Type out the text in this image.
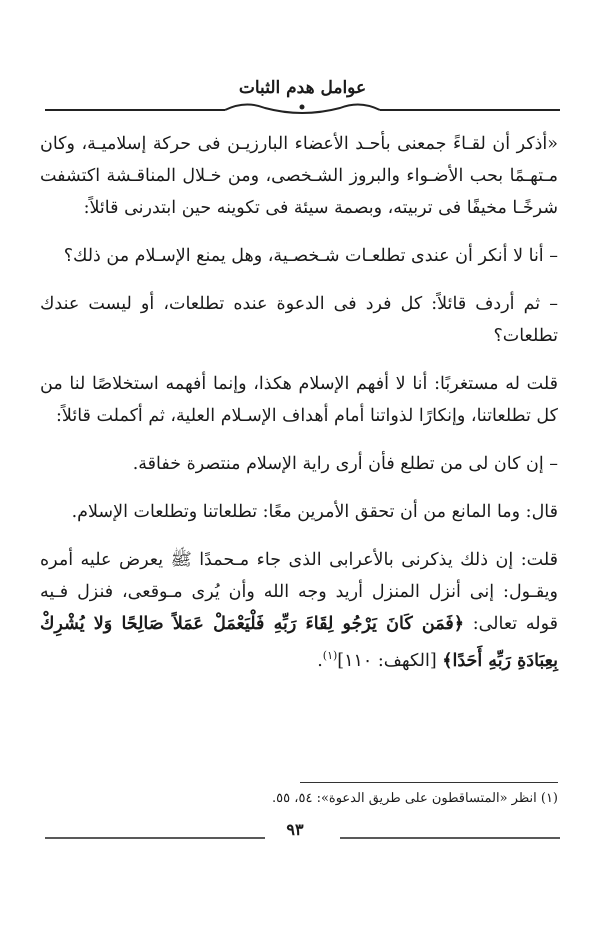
عوامل هدم الثبات

«أذكر أن لقـاءً جمعنى بأحـد الأعضاء البارزيـن فى حركة إسلاميـة، وكان مـتهـمًا بحب الأضـواء والبروز الشـخصى، ومن خـلال المناقـشة اكتشفت شرخًـا مخيفًا فى تربيته، وبصمة سيئة فى تكوينه حين ابتدرنى قائلاً:

– أنا لا أنكر أن عندى تطلعـات شـخصـية، وهل يمنع الإسـلام من ذلك؟

– ثم أردف قائلاً: كل فرد فى الدعوة عنده تطلعات، أو ليست عندك تطلعات؟

قلت له مستغربًا: أنا لا أفهم الإسلام هكذا، وإنما أفهمه استخلاصًا لنا من كل تطلعاتنا، وإنكارًا لذواتنا أمام أهداف الإسـلام العلية، ثم أكملت قائلاً:

– إن كان لى من تطلع فأن أرى راية الإسلام منتصرة خفاقة.

قال: وما المانع من أن تحقق الأمرين معًا: تطلعاتنا وتطلعات الإسلام.

قلت: إن ذلك يذكرنى بالأعرابى الذى جاء مـحمدًا ﷺ يعرض عليه أمره ويقـول: إنى أنزل المنزل أريد وجه الله وأن يُرى مـوقعى، فنزل فـيه قوله تعالى: ﴿فَمَن كَانَ يَرْجُو لِقَاءَ رَبِّهِ فَلْيَعْمَلْ عَمَلاً صَالِحًا وَلا يُشْرِكْ بِعِبَادَةِ رَبِّهِ أَحَدًا﴾ [الكهف: ١١٠]$^{(١)}$.

(١) انظر «المتساقطون على طريق الدعوة»: ٥٤، ٥٥.
٩٣
